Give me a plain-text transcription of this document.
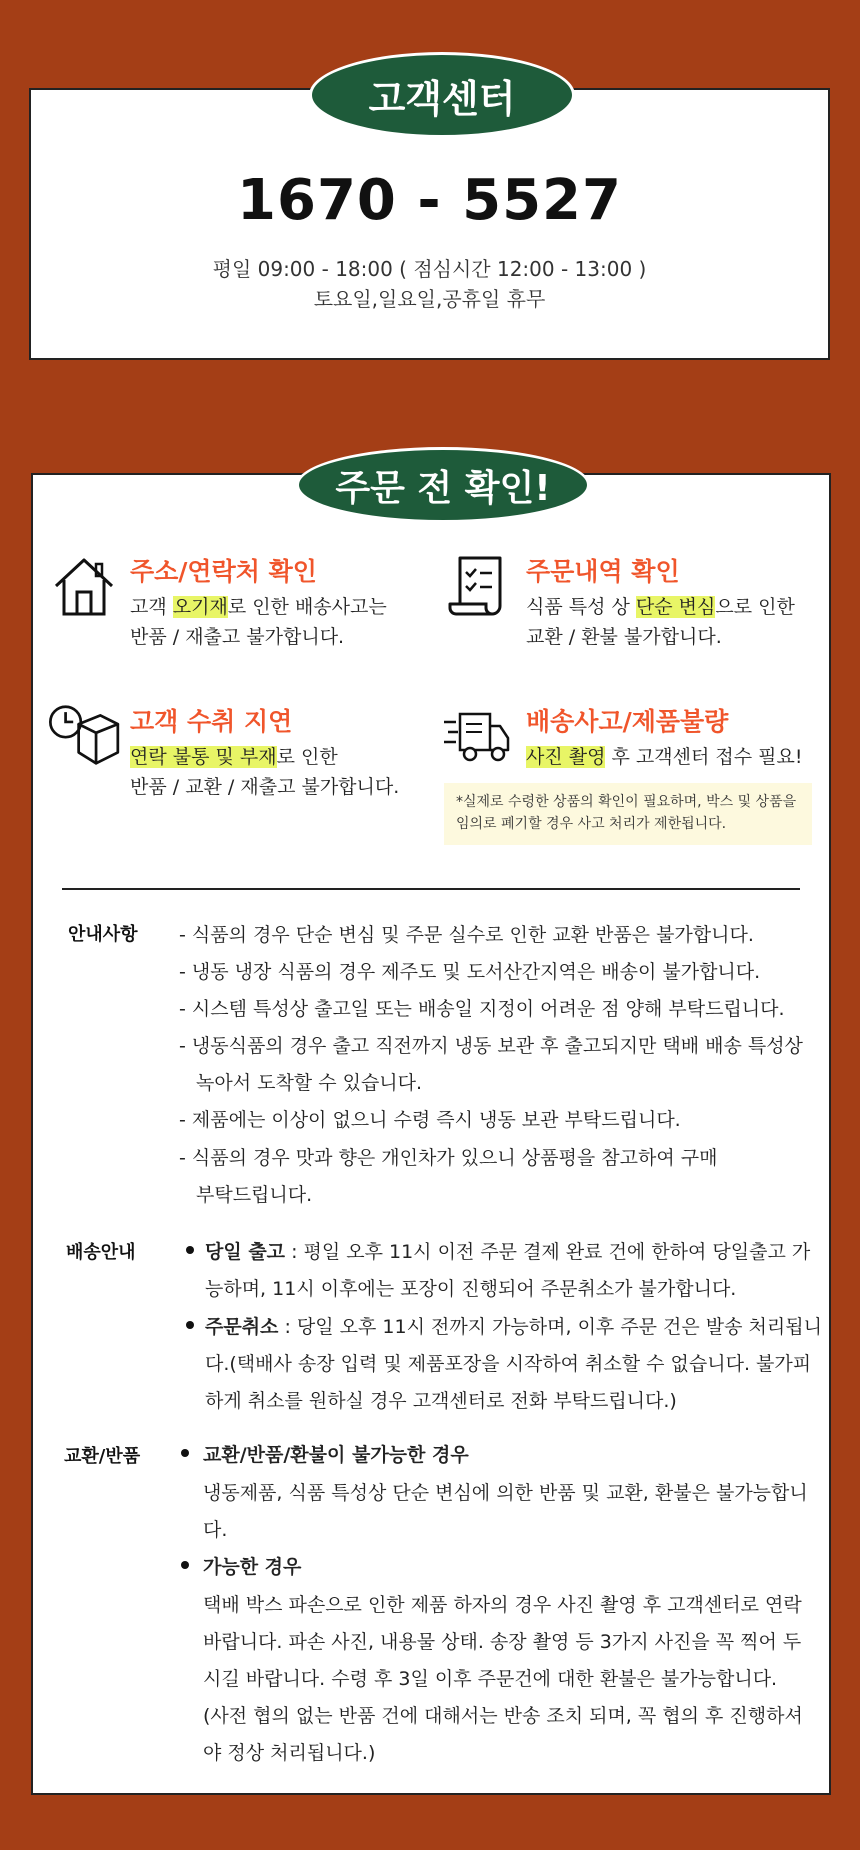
1670 - 5527
평일 09:00 - 18:00 ( 점심시간 12:00 - 13:00 )
토요일,일요일,공휴일 휴무
고객센터
주문 전 확인!
주소/연락처 확인
고객 오기재로 인한 배송사고는
반품 / 재출고 불가합니다.
주문내역 확인
식품 특성 상 단순 변심으로 인한
교환 / 환불 불가합니다.
고객 수취 지연
연락 불통 및 부재로 인한
반품 / 교환 / 재출고 불가합니다.
배송사고/제품불량
사진 촬영 후 고객센터 접수 필요!
*실제로 수령한 상품의 확인이 필요하며, 박스 및 상품을
임의로 폐기할 경우 사고 처리가 제한됩니다.
안내사항 - 식품의 경우 단순 변심 및 주문 실수로 인한 교환 반품은 불가합니다.
- 냉동 냉장 식품의 경우 제주도 및 도서산간지역은 배송이 불가합니다.
- 시스템 특성상 출고일 또는 배송일 지정이 어려운 점 양해 부탁드립니다.
- 냉동식품의 경우 출고 직전까지 냉동 보관 후 출고되지만 택배 배송 특성상
녹아서 도착할 수 있습니다.
- 제품에는 이상이 없으니 수령 즉시 냉동 보관 부탁드립니다.
- 식품의 경우 맛과 향은 개인차가 있으니 상품평을 참고하여 구매
부탁드립니다.
배송안내	당일 출고 : 평일 오후 11시 이전 주문 결제 완료 건에 한하여 당일출고 가
능하며, 11시 이후에는 포장이 진행되어 주문취소가 불가합니다.
주문취소 : 당일 오후 11시 전까지 가능하며, 이후 주문 건은 발송 처리됩니
다.(택배사 송장 입력 및 제품포장을 시작하여 취소할 수 없습니다. 불가피
하게 취소를 원하실 경우 고객센터로 전화 부탁드립니다.)
교환/반품	교환/반품/환불이 불가능한 경우
냉동제품, 식품 특성상 단순 변심에 의한 반품 및 교환, 환불은 불가능합니
다.
가능한 경우
택배 박스 파손으로 인한 제품 하자의 경우 사진 촬영 후 고객센터로 연락
바랍니다. 파손 사진, 내용물 상태. 송장 촬영 등 3가지 사진을 꼭 찍어 두
시길 바랍니다. 수령 후 3일 이후 주문건에 대한 환불은 불가능합니다.
(사전 협의 없는 반품 건에 대해서는 반송 조치 되며, 꼭 협의 후 진행하셔
야 정상 처리됩니다.)
